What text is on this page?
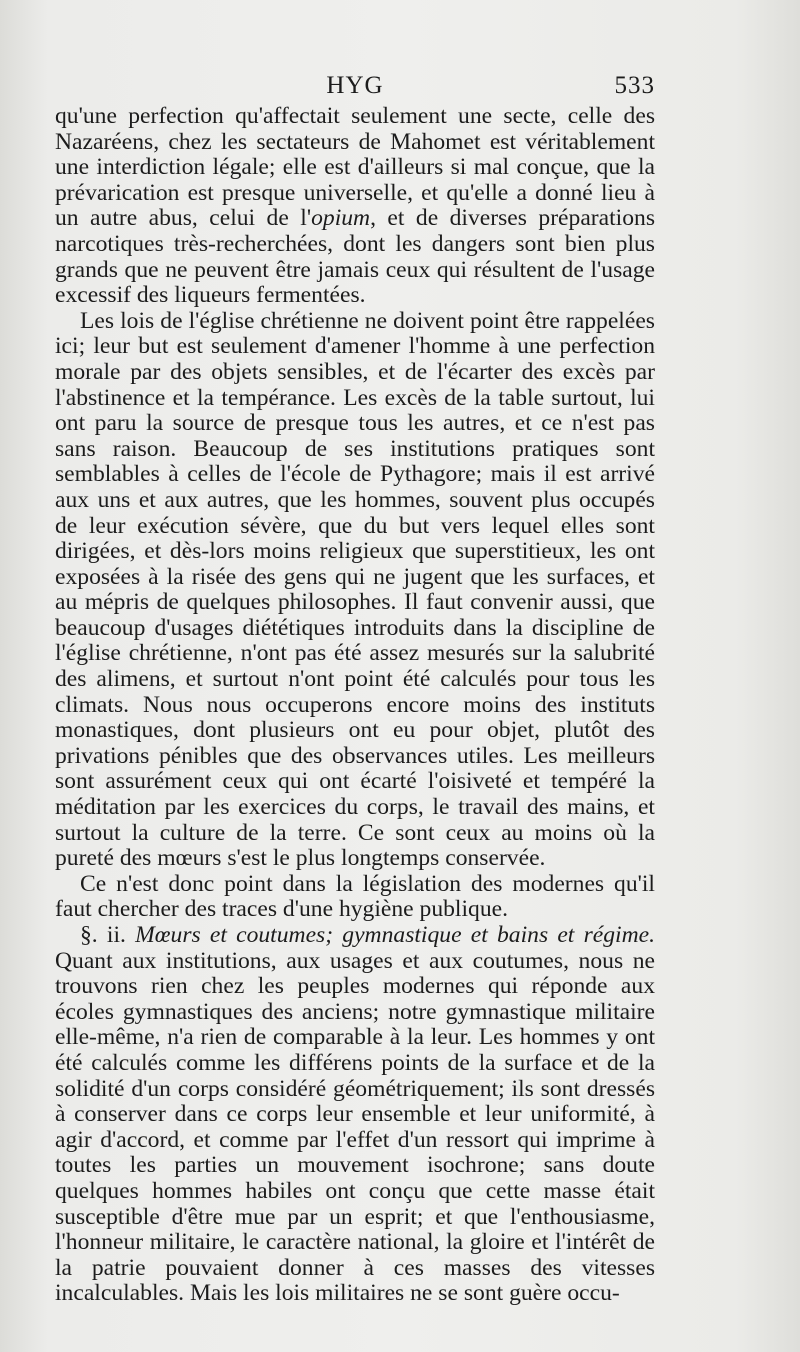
HYG	533

qu'une perfection qu'affectait seulement une secte, celle des Nazaréens, chez les sectateurs de Mahomet est véritablement une interdiction légale; elle est d'ailleurs si mal conçue, que la prévarication est presque universelle, et qu'elle a donné lieu à un autre abus, celui de l'opium, et de diverses préparations narcotiques très-recherchées, dont les dangers sont bien plus grands que ne peuvent être jamais ceux qui résultent de l'usage excessif des liqueurs fermentées.

Les lois de l'église chrétienne ne doivent point être rappelées ici; leur but est seulement d'amener l'homme à une perfection morale par des objets sensibles, et de l'écarter des excès par l'abstinence et la tempérance. Les excès de la table surtout, lui ont paru la source de presque tous les autres, et ce n'est pas sans raison. Beaucoup de ses institutions pratiques sont semblables à celles de l'école de Pythagore; mais il est arrivé aux uns et aux autres, que les hommes, souvent plus occupés de leur exécution sévère, que du but vers lequel elles sont dirigées, et dès-lors moins religieux que superstitieux, les ont exposées à la risée des gens qui ne jugent que les surfaces, et au mépris de quelques philosophes. Il faut convenir aussi, que beaucoup d'usages diététiques introduits dans la discipline de l'église chrétienne, n'ont pas été assez mesurés sur la salubrité des alimens, et surtout n'ont point été calculés pour tous les climats. Nous nous occuperons encore moins des instituts monastiques, dont plusieurs ont eu pour objet, plutôt des privations pénibles que des observances utiles. Les meilleurs sont assurément ceux qui ont écarté l'oisiveté et tempéré la méditation par les exercices du corps, le travail des mains, et surtout la culture de la terre. Ce sont ceux au moins où la pureté des mœurs s'est le plus longtemps conservée.

Ce n'est donc point dans la législation des modernes qu'il faut chercher des traces d'une hygiène publique.

§. ii. Mœurs et coutumes; gymnastique et bains et régime. Quant aux institutions, aux usages et aux coutumes, nous ne trouvons rien chez les peuples modernes qui réponde aux écoles gymnastiques des anciens; notre gymnastique militaire elle-même, n'a rien de comparable à la leur. Les hommes y ont été calculés comme les différens points de la surface et de la solidité d'un corps considéré géométriquement; ils sont dressés à conserver dans ce corps leur ensemble et leur uniformité, à agir d'accord, et comme par l'effet d'un ressort qui imprime à toutes les parties un mouvement isochrone; sans doute quelques hommes habiles ont conçu que cette masse était susceptible d'être mue par un esprit; et que l'enthousiasme, l'honneur militaire, le caractère national, la gloire et l'intérêt de la patrie pouvaient donner à ces masses des vitesses incalculables. Mais les lois militaires ne se sont guère occu-
